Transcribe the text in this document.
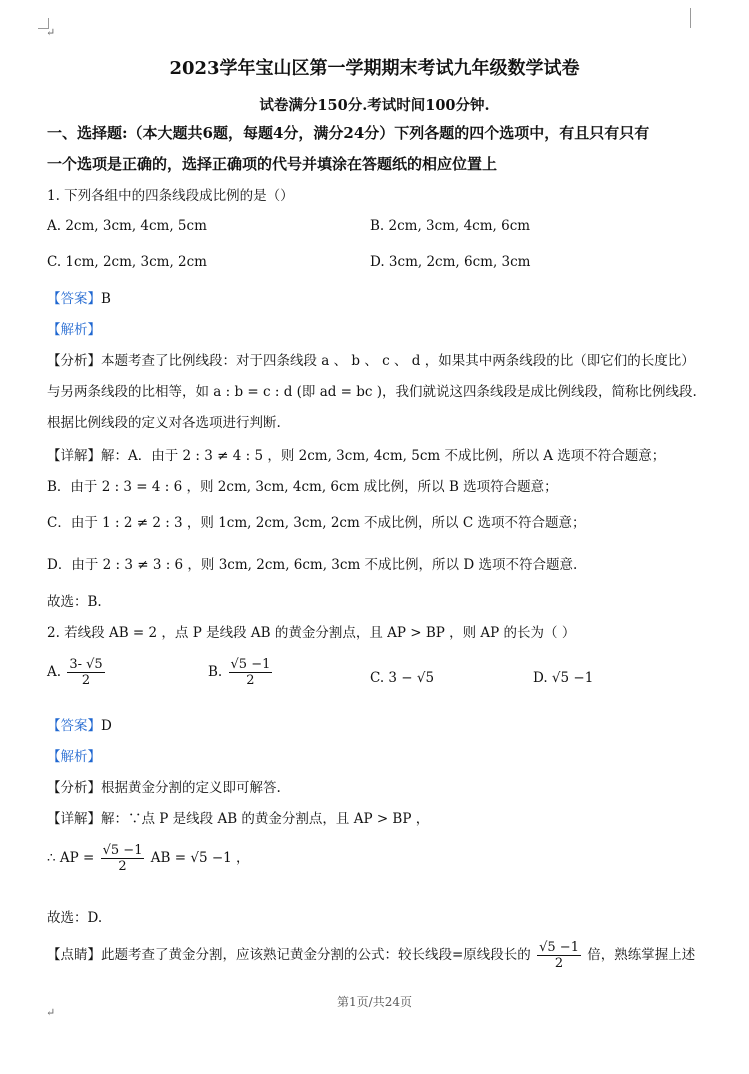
↵
2023学年宝山区第一学期期末考试九年级数学试卷
试卷满分150分.考试时间100分钟.
一、选择题:（本大题共6题，每题4分，满分24分）下列各题的四个选项中，有且只有只有
一个选项是正确的，选择正确项的代号并填涂在答题纸的相应位置上
1. 下列各组中的四条线段成比例的是（）
A. 2cm, 3cm, 4cm, 5cm	B. 2cm, 3cm, 4cm, 6cm
C. 1cm, 2cm, 3cm, 2cm	D. 3cm, 2cm, 6cm, 3cm
【答案】B
【解析】
【分析】本题考查了比例线段：对于四条线段 a 、 b 、 c 、 d ，如果其中两条线段的比（即它们的长度比）
与另两条线段的比相等，如 a : b = c : d (即 ad = bc )，我们就说这四条线段是成比例线段，简称比例线段.
根据比例线段的定义对各选项进行判断.
【详解】解：A．由于 2 : 3 ≠ 4 : 5 ，则 2cm, 3cm, 4cm, 5cm 不成比例，所以 A 选项不符合题意；
B．由于 2 : 3 = 4 : 6 ，则 2cm, 3cm, 4cm, 6cm 成比例，所以 B 选项符合题意；
C．由于 1 : 2 ≠ 2 : 3 ，则 1cm, 2cm, 3cm, 2cm 不成比例，所以 C 选项不符合题意；
D．由于 2 : 3 ≠ 3 : 6 ，则 3cm, 2cm, 6cm, 3cm 不成比例，所以 D 选项不符合题意.
故选：B.
2. 若线段 AB = 2 ，点 P 是线段 AB 的黄金分割点，且 AP > BP ，则 AP 的长为（ ）
A. $\frac{3- √5}{2}$	B. $\frac{√5 -1}{2}$	C. 3 − √5	D. √5 −1
【答案】D
【解析】
【分析】根据黄金分割的定义即可解答.
【详解】解：∵点 P 是线段 AB 的黄金分割点，且 AP > BP ，
∴ AP = $\frac{√5 -1}{2}$ AB = √5 −1 ，
故选：D.
【点睛】此题考查了黄金分割，应该熟记黄金分割的公式：较长线段=原线段长的 $\frac{√5 -1}{2}$ 倍，熟练掌握上述
第1页/共24页
↵
